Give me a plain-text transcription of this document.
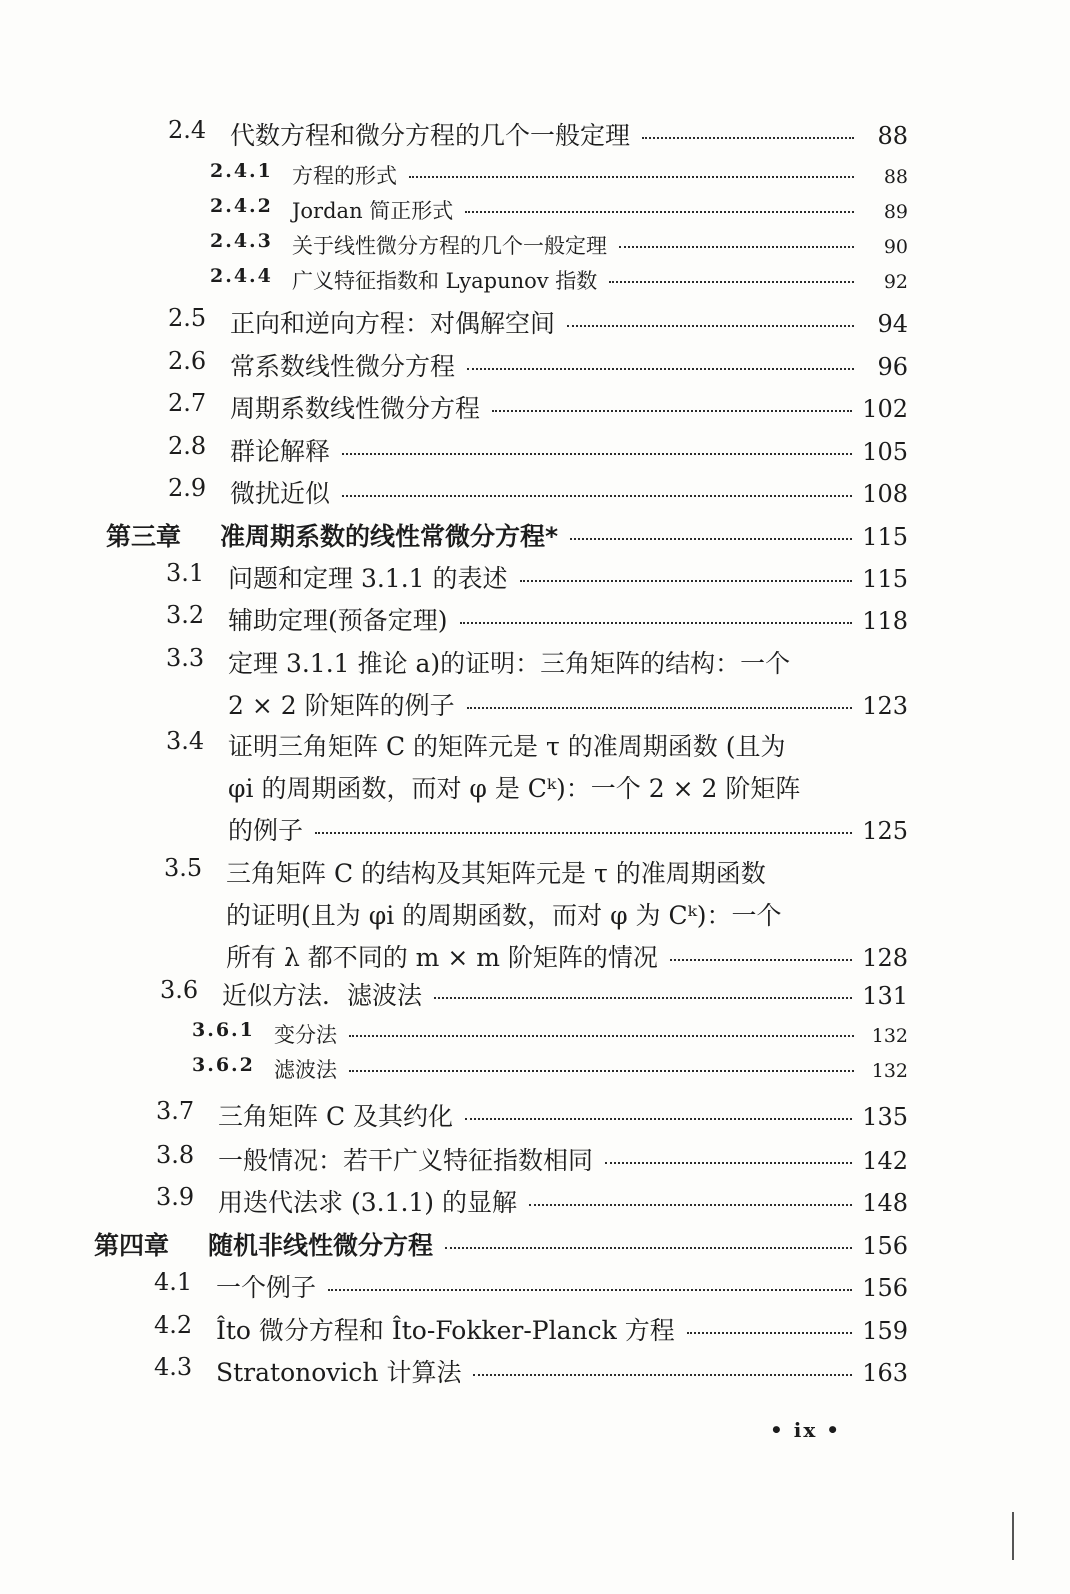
2.4 代数方程和微分方程的几个一般定理	88
2.4.1 方程的形式	88
2.4.2 Jordan 简正形式	89
2.4.3 关于线性微分方程的几个一般定理	90
2.4.4 广义特征指数和 Lyapunov 指数	92
2.5 正向和逆向方程：对偶解空间	94
2.6 常系数线性微分方程	96
2.7 周期系数线性微分方程	102
2.8 群论解释	105
2.9 微扰近似	108
第三章 准周期系数的线性常微分方程*	115
3.1 问题和定理 3.1.1 的表述	115
3.2 辅助定理(预备定理)	118
3.3 定理 3.1.1 推论 a)的证明：三角矩阵的结构：一个
2 × 2 阶矩阵的例子	123
3.4 证明三角矩阵 C 的矩阵元是 τ 的准周期函数 (且为
φi 的周期函数，而对 φ 是 Cᵏ)：一个 2 × 2 阶矩阵
的例子	125
3.5 三角矩阵 C 的结构及其矩阵元是 τ 的准周期函数
的证明(且为 φi 的周期函数，而对 φ 为 Cᵏ)：一个
所有 λ 都不同的 m × m 阶矩阵的情况	128
3.6 近似方法．滤波法	131
3.6.1 变分法	132
3.6.2 滤波法	132
3.7 三角矩阵 C 及其约化	135
3.8 一般情况：若干广义特征指数相同	142
3.9 用迭代法求 (3.1.1) 的显解	148
第四章 随机非线性微分方程	156
4.1 一个例子	156
4.2 Îto 微分方程和 Îto-Fokker-Planck 方程	159
4.3 Stratonovich 计算法	163
• ix •
